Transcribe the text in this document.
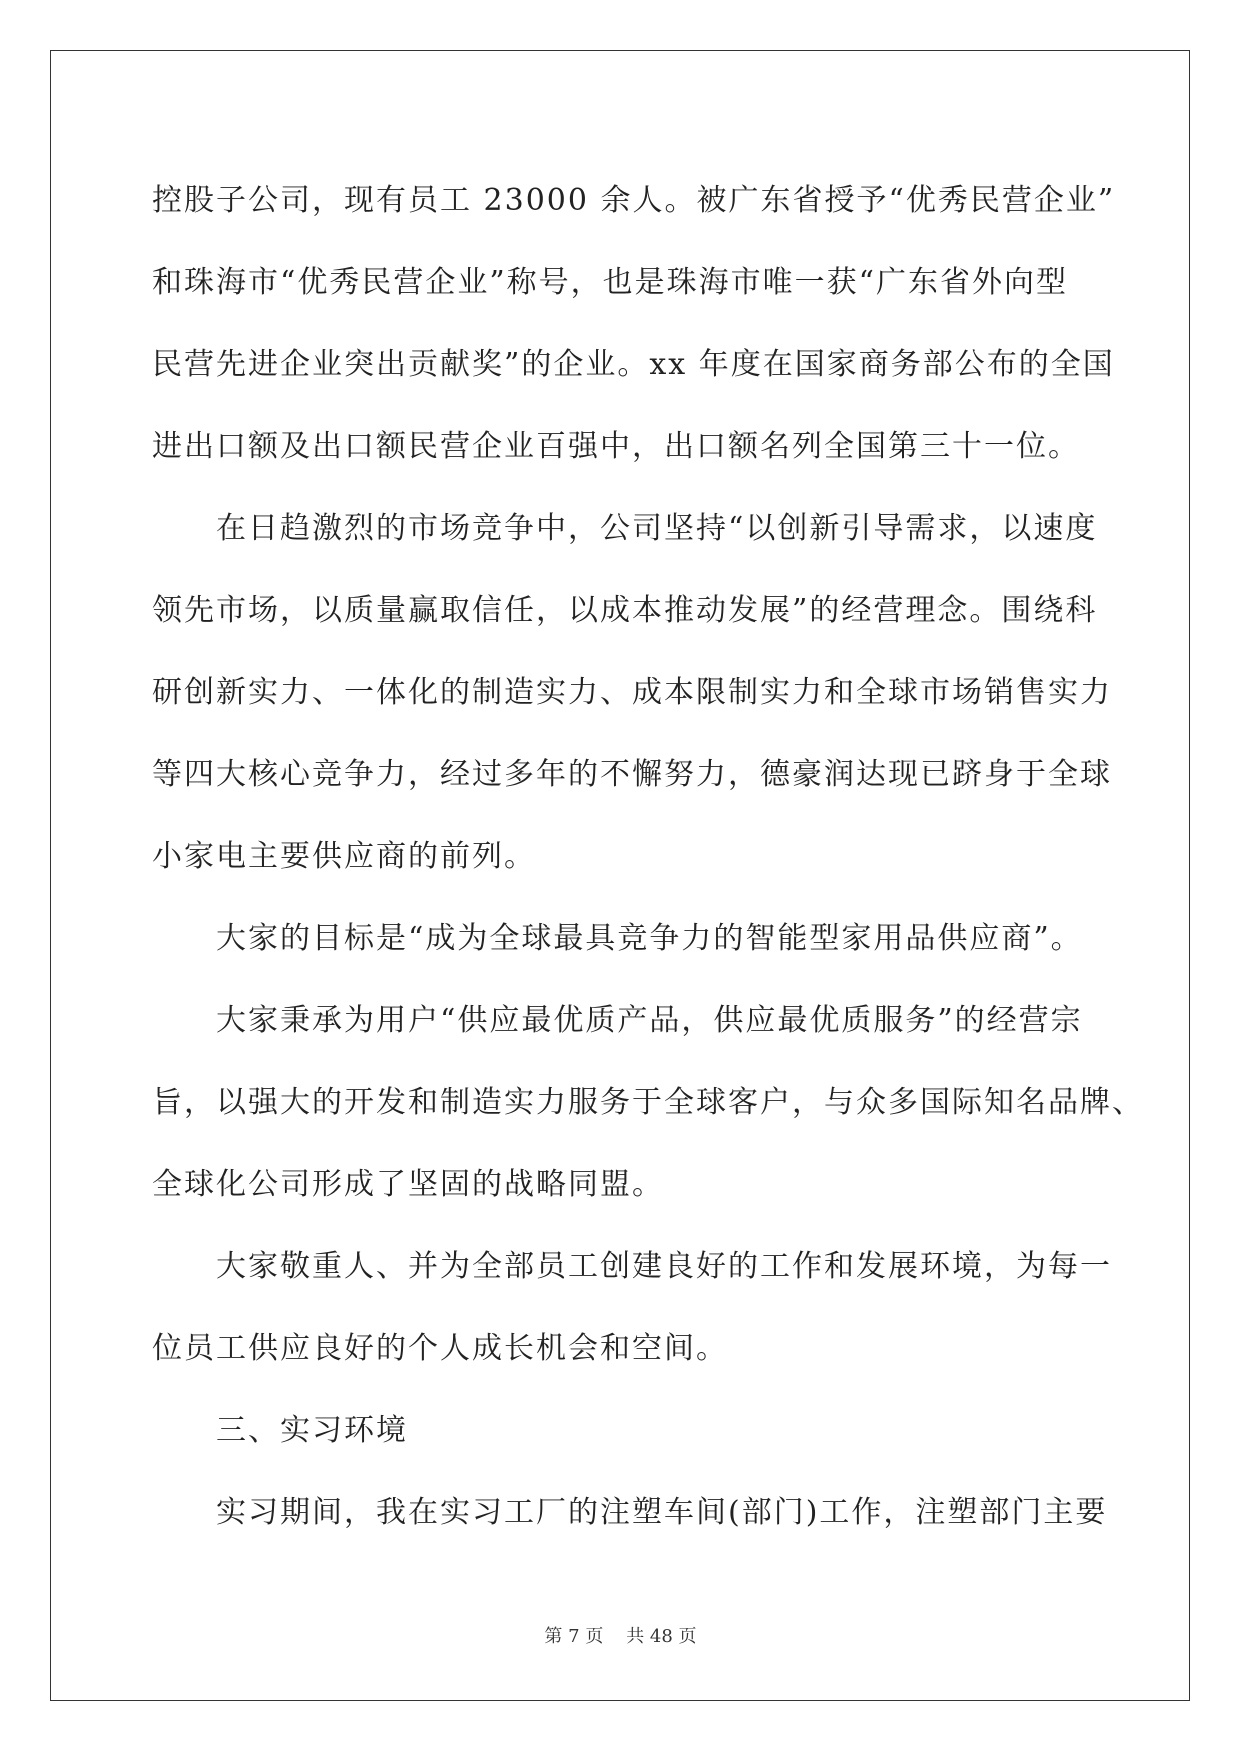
控股子公司，现有员工 23000 余人。被广东省授予“优秀民营企业”
和珠海市“优秀民营企业”称号，也是珠海市唯一获“广东省外向型
民营先进企业突出贡献奖”的企业。xx 年度在国家商务部公布的全国
进出口额及出口额民营企业百强中，出口额名列全国第三十一位。
在日趋激烈的市场竞争中，公司坚持“以创新引导需求，以速度
领先市场，以质量赢取信任，以成本推动发展”的经营理念。围绕科
研创新实力、一体化的制造实力、成本限制实力和全球市场销售实力
等四大核心竞争力，经过多年的不懈努力，德豪润达现已跻身于全球
小家电主要供应商的前列。
大家的目标是“成为全球最具竞争力的智能型家用品供应商”。
大家秉承为用户“供应最优质产品，供应最优质服务”的经营宗
旨，以强大的开发和制造实力服务于全球客户，与众多国际知名品牌、
全球化公司形成了坚固的战略同盟。
大家敬重人、并为全部员工创建良好的工作和发展环境，为每一
位员工供应良好的个人成长机会和空间。
三、实习环境
实习期间，我在实习工厂的注塑车间(部门)工作，注塑部门主要
第 7 页    共 48 页
